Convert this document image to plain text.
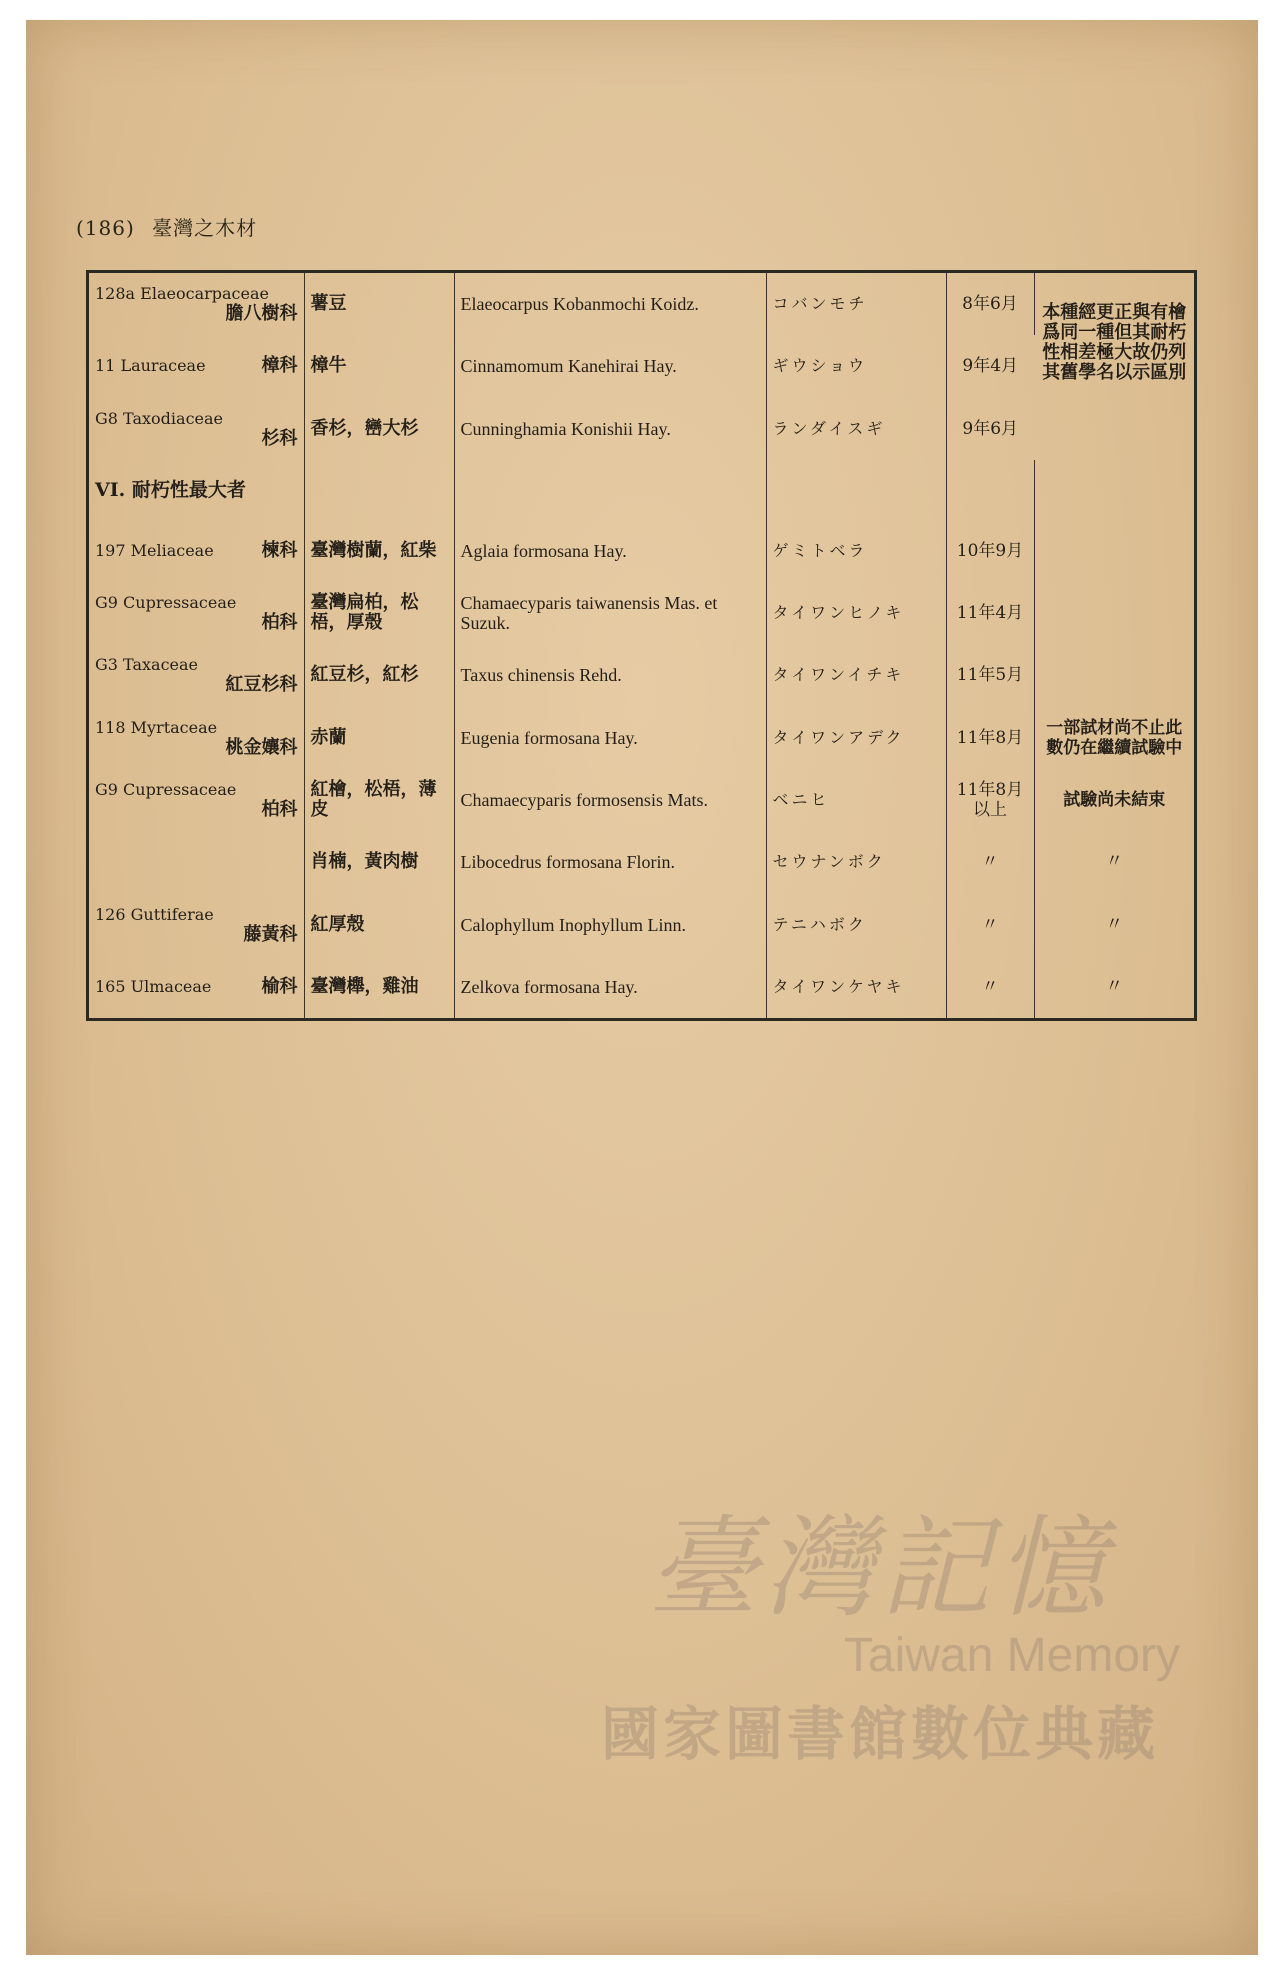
(186) 臺灣之木材
128a Elaeocarpaceae
膽八樹科	薯豆	Elaeocarpus Kobanmochi Koidz.	コバンモチ	8年6月	本種經更正與有檜爲同一種但其耐朽性相差極大故仍列其舊學名以示區別

11 Lauraceae 樟科	樟牛	Cinnamomum Kanehirai Hay.	ギウショウ	9年4月	

G8 Taxodiaceae
杉科	香杉，巒大杉	Cunninghamia Konishii Hay.	ランダイスギ	9年6月	
VI. 耐朽性最大者					

197 Meliaceae 楝科	臺灣樹蘭，紅柴	Aglaia formosana Hay.	ゲミトベラ	10年9月	

G9 Cupressaceae
柏科	臺灣扁柏，松梧，厚殼	Chamaecyparis taiwanensis Mas. et Suzuk.	タイワンヒノキ	11年4月	

G3 Taxaceae
紅豆杉科	紅豆杉，紅杉	Taxus chinensis Rehd.	タイワンイチキ	11年5月	

118 Myrtaceae
桃金孃科	赤蘭	Eugenia formosana Hay.	タイワンアデク	11年8月	一部試材尚不止此數仍在繼續試驗中

G9 Cupressaceae
柏科	紅檜，松梧，薄皮	Chamaecyparis formosensis Mats.	ベニヒ	11年8月以上	試驗尚未結束
	肖楠，黃肉樹	Libocedrus formosana Florin.	セウナンボク	〃	〃

126 Guttiferae
藤黃科	紅厚殼	Calophyllum Inophyllum Linn.	テニハボク	〃	〃

165 Ulmaceae 榆科	臺灣櫸，雞油	Zelkova formosana Hay.	タイワンケヤキ	〃	〃
臺灣記憶
Taiwan Memory
國家圖書館數位典藏
